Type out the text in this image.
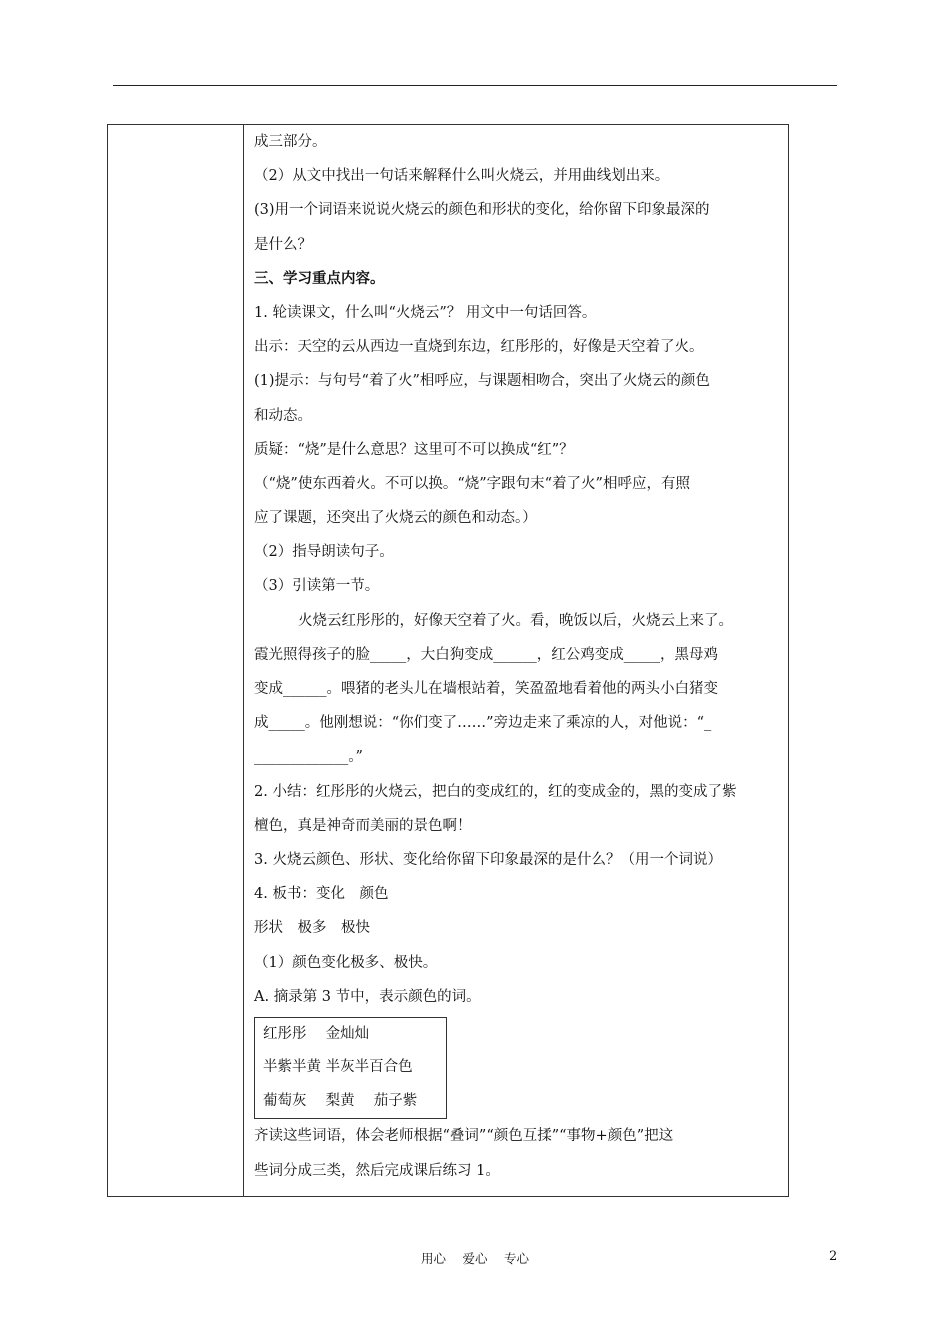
成三部分。
（2）从文中找出一句话来解释什么叫火烧云，并用曲线划出来。
(3)用一个词语来说说火烧云的颜色和形状的变化，给你留下印象最深的
是什么？
三、学习重点内容。
1. 轮读课文，什么叫“火烧云”？ 用文中一句话回答。
出示：天空的云从西边一直烧到东边，红彤彤的，好像是天空着了火。
(1)提示：与句号“着了火”相呼应，与课题相吻合，突出了火烧云的颜色
和动态。
质疑：“烧”是什么意思？这里可不可以换成“红”？
（“烧”使东西着火。不可以换。“烧”字跟句末“着了火”相呼应，有照
应了课题，还突出了火烧云的颜色和动态。）
（2）指导朗读句子。
（3）引读第一节。
火烧云红彤彤的，好像天空着了火。看，晚饭以后，火烧云上来了。
霞光照得孩子的脸_____，大白狗变成______，红公鸡变成_____，黑母鸡
变成______。喂猪的老头儿在墙根站着，笑盈盈地看着他的两头小白猪变
成_____。他刚想说：“你们变了……”旁边走来了乘凉的人，对他说：“_
_____________。”
2. 小结：红彤彤的火烧云，把白的变成红的，红的变成金的，黑的变成了紫
檀色，真是神奇而美丽的景色啊！
3. 火烧云颜色、形状、变化给你留下印象最深的是什么？（用一个词说）
4. 板书：变化　颜色
形状　极多　极快
（1）颜色变化极多、极快。
A. 摘录第 3 节中，表示颜色的词。
红彤彤　 金灿灿
半紫半黄 半灰半百合色
葡萄灰　 梨黄　 茄子紫
齐读这些词语，体会老师根据“叠词”“颜色互揉”“事物+颜色”把这
些词分成三类，然后完成课后练习 1。
用心　 爱心　 专心	2
